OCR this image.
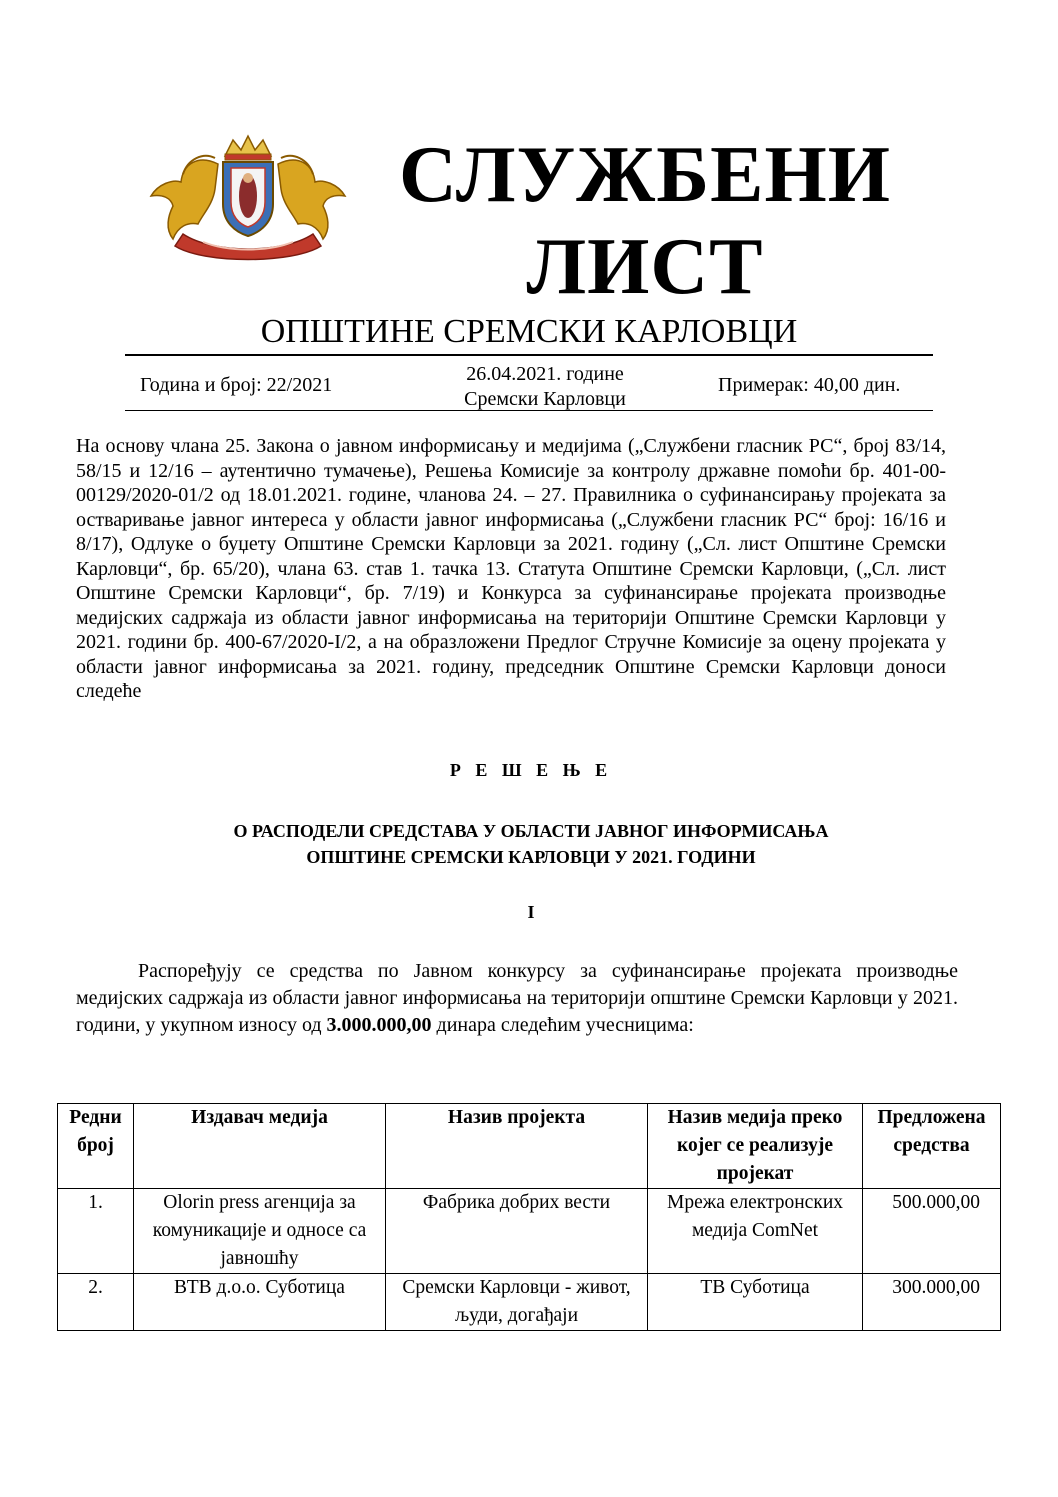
СЛУЖБЕНИ
ЛИСТ
ОПШТИНЕ СРЕМСКИ КАРЛОВЦИ
Година и број: 22/2021	26.04.2021. године
Сремски Карловци
Примерак: 40,00 дин.
На основу члана 25. Закона о јавном информисању и медијима („Службени гласник РС“, број 83/14, 58/15 и 12/16 – аутентично тумачење), Решења Комисије за контролу државне помоћи бр. 401-00-00129/2020-01/2 од 18.01.2021. године, чланова 24. – 27. Правилника о суфинансирању пројеката за остваривање јавног интереса у области јавног информисања („Службени гласник РС“ број: 16/16 и 8/17), Одлуке о буџету Општине Сремски Карловци за 2021. годину („Сл. лист Општине Сремски Карловци“, бр. 65/20), члана 63. став 1. тачка 13. Статута Општине Сремски Карловци, („Сл. лист Општине Сремски Карловци“, бр. 7/19) и Конкурса за суфинансирање пројеката производње медијских садржаја из области јавног информисања на територији Општине Сремски Карловци у 2021. години бр. 400-67/2020-I/2, а на образложени Предлог Стручне Комисије за оцену пројеката у области јавног информисања за 2021. годину, председник Општине Сремски Карловци доноси следеће
Р Е Ш Е Њ Е
О РАСПОДЕЛИ СРЕДСТАВА У ОБЛАСТИ ЈАВНОГ ИНФОРМИСАЊА
ОПШТИНЕ СРЕМСКИ КАРЛОВЦИ У 2021. ГОДИНИ
I
Распоређују се средства по Јавном конкурсу за суфинансирање пројеката производње медијских садржаја из области јавног информисања на територији општине Сремски Карловци у 2021. години, у укупном износу од 3.000.000,00 динара следећим учесницима:
Редни број	Издавач медија	Назив пројекта	Назив медија преко којег се реализује пројекат	Предложена средства
1.	Olorin press агенција за комуникације и односе са јавношћу	Фабрика добрих вести	Мрежа електронских медија ComNet	500.000,00
2.	ВТВ д.о.о. Суботица	Сремски Карловци - живот, људи, догађаји	ТВ Суботица	300.000,00
